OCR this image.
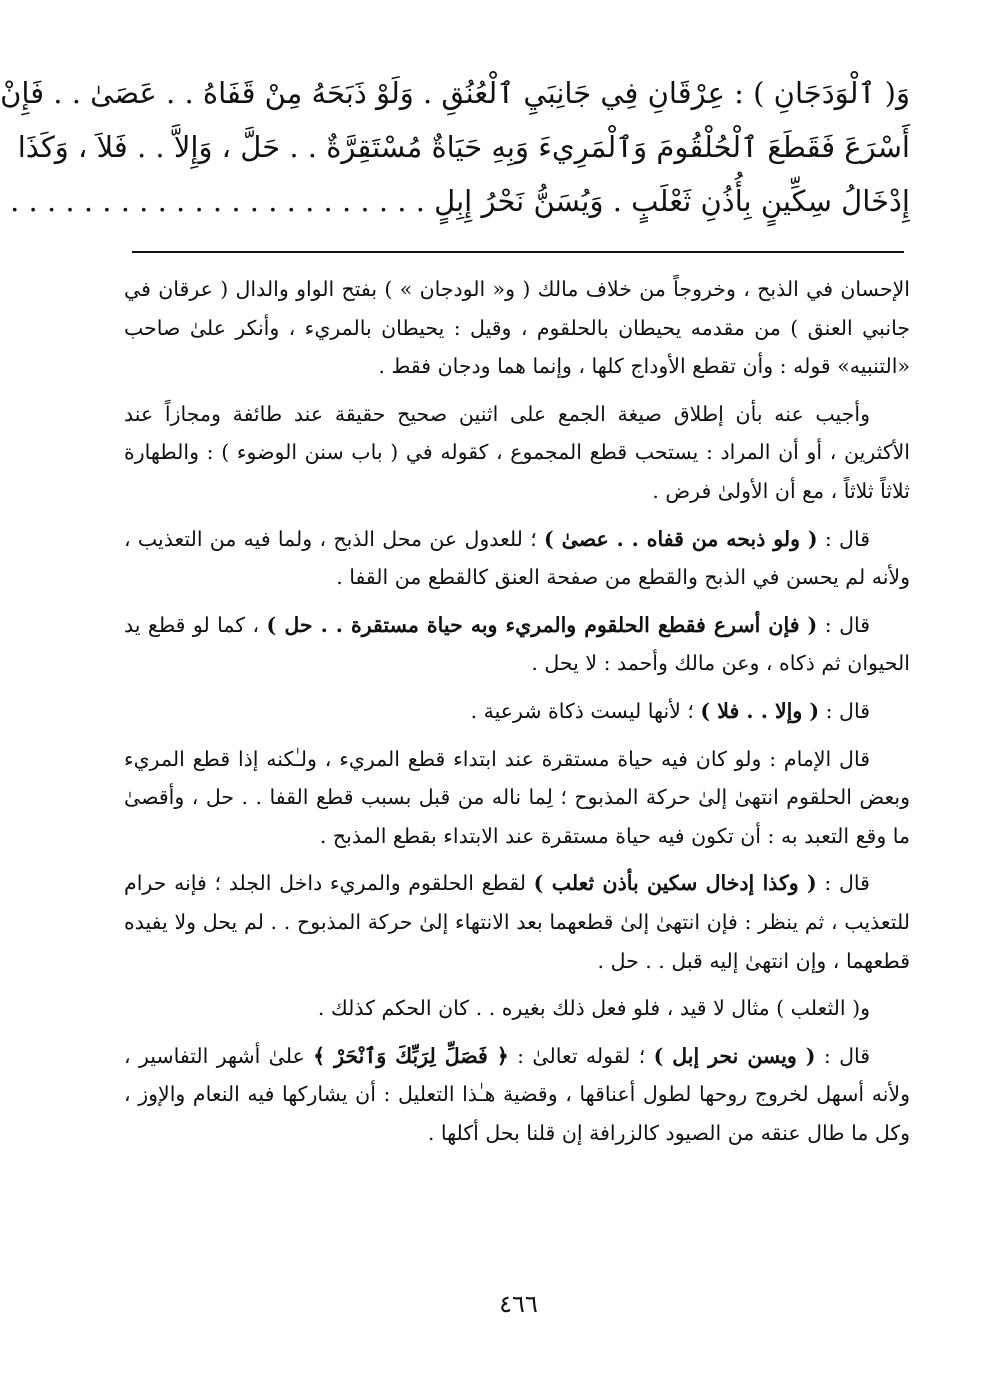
وَ( ٱلْوَدَجَانِ ) : عِرْقَانِ فِي جَانِبَيِ ٱلْعُنُقِ . وَلَوْ ذَبَحَهُ مِنْ قَفَاهُ . . عَصَىٰ . . فَإِنْ
أَسْرَعَ فَقَطَعَ ٱلْحُلْقُومَ وَٱلْمَرِيءَ وَبِهِ حَيَاةٌ مُسْتَقِرَّةٌ . . حَلَّ ، وَإِلاَّ . . فَلاَ ، وَكَذَا
إِدْخَالُ سِكِّينٍ بِأُذُنِ ثَعْلَبٍ . وَيُسَنُّ نَحْرُ إِبِلٍ . . . . . . . . . . . . . . . . . . . . . . .

الإحسان في الذبح ، وخروجاً من خلاف مالك ( و« الودجان » ) بفتح الواو والدال ( عرقان في جانبي العنق ) من مقدمه يحيطان بالحلقوم ، وقيل : يحيطان بالمريء ، وأنكر علىٰ صاحب «التنبيه» قوله : وأن تقطع الأوداج كلها ، وإنما هما ودجان فقط .

وأجيب عنه بأن إطلاق صيغة الجمع على اثنين صحيح حقيقة عند طائفة ومجازاً عند الأكثرين ، أو أن المراد : يستحب قطع المجموع ، كقوله في ( باب سنن الوضوء ) : والطهارة ثلاثاً ثلاثاً ، مع أن الأولىٰ فرض .

قال : ( ولو ذبحه من قفاه . . عصىٰ ) ؛ للعدول عن محل الذبح ، ولما فيه من التعذيب ، ولأنه لم يحسن في الذبح والقطع من صفحة العنق كالقطع من القفا .

قال : ( فإن أسرع فقطع الحلقوم والمريء وبه حياة مستقرة . . حل ) ، كما لو قطع يد الحيوان ثم ذكاه ، وعن مالك وأحمد : لا يحل .

قال : ( وإلا . . فلا ) ؛ لأنها ليست ذكاة شرعية .

قال الإمام : ولو كان فيه حياة مستقرة عند ابتداء قطع المريء ، ولـٰكنه إذا قطع المريء وبعض الحلقوم انتهىٰ إلىٰ حركة المذبوح ؛ لِما ناله من قبل بسبب قطع القفا . . حل ، وأقصىٰ ما وقع التعبد به : أن تكون فيه حياة مستقرة عند الابتداء بقطع المذبح .

قال : ( وكذا إدخال سكين بأذن ثعلب ) لقطع الحلقوم والمريء داخل الجلد ؛ فإنه حرام للتعذيب ، ثم ينظر : فإن انتهىٰ إلىٰ قطعهما بعد الانتهاء إلىٰ حركة المذبوح . . لم يحل ولا يفيده قطعهما ، وإن انتهىٰ إليه قبل . . حل .

و( الثعلب ) مثال لا قيد ، فلو فعل ذلك بغيره . . كان الحكم كذلك .

قال : ( ويسن نحر إبل ) ؛ لقوله تعالىٰ : ﴿ فَصَلِّ لِرَبِّكَ وَٱنْحَرْ ﴾ علىٰ أشهر التفاسير ، ولأنه أسهل لخروج روحها لطول أعناقها ، وقضية هـٰذا التعليل : أن يشاركها فيه النعام والإوز ، وكل ما طال عنقه من الصيود كالزرافة إن قلنا بحل أكلها .

٤٦٦
